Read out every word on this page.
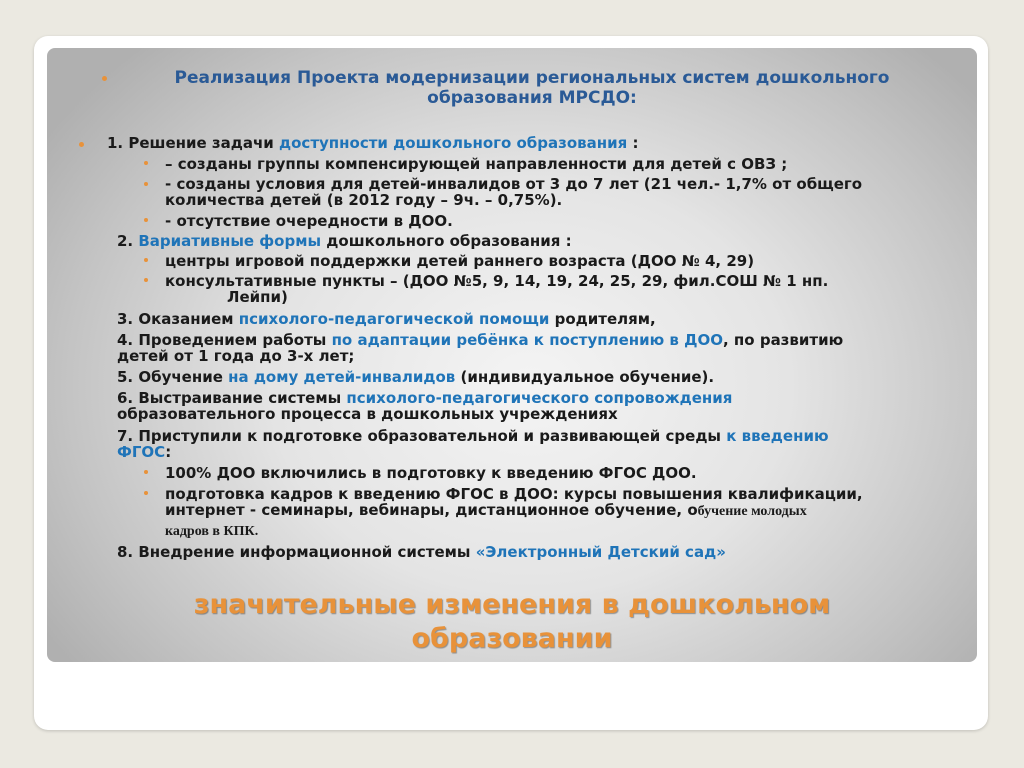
Реализация Проекта модернизации региональных систем дошкольного образования МРСДО:
1. Решение задачи доступности дошкольного образования :
– созданы группы компенсирующей направленности для детей с ОВЗ ;
- созданы условия для детей-инвалидов от 3 до 7 лет (21 чел.- 1,7% от общего
количества детей (в 2012 году – 9ч. – 0,75%).
- отсутствие очередности в ДОО.
2. Вариативные формы дошкольного образования :
центры игровой поддержки детей раннего возраста (ДОО № 4, 29)
консультативные пункты – (ДОО №5, 9, 14, 19, 24, 25, 29, фил.СОШ № 1 нп.
Лейпи)
3. Оказанием психолого-педагогической помощи родителям,
4. Проведением работы по адаптации ребёнка к поступлению в ДОО, по развитию
детей от 1 года до 3-х лет;
5. Обучение на дому детей-инвалидов (индивидуальное обучение).
6. Выстраивание системы психолого-педагогического сопровождения
образовательного процесса в дошкольных учреждениях
7. Приступили к подготовке образовательной и развивающей среды к введению
ФГОС:
100% ДОО включились в подготовку к введению ФГОС ДОО.
подготовка кадров к введению ФГОС в ДОО: курсы повышения квалификации,
интернет - семинары, вебинары, дистанционное обучение, обучение молодых
кадров в КПК.
8. Внедрение информационной системы «Электронный Детский сад»
значительные изменения в дошкольном
образовании
